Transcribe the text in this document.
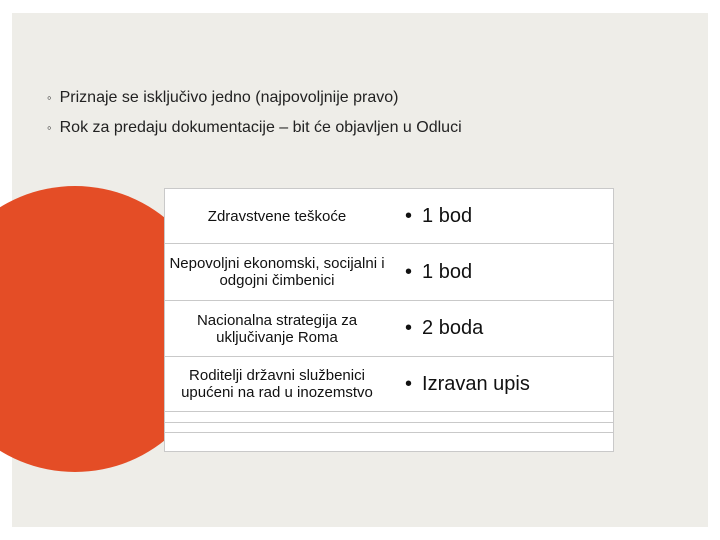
◦ Priznaje se isključivo jedno (najpovoljnije pravo)
◦ Rok za predaju dokumentacije – bit će objavljen u Odluci
Zdravstvene teškoće	• 1 bod
Nepovoljni ekonomski, socijalni i odgojni čimbenici	• 1 bod
Nacionalna strategija za uključivanje Roma	• 2 boda
Roditelji državni službenici upućeni na rad u inozemstvo	• Izravan upis
